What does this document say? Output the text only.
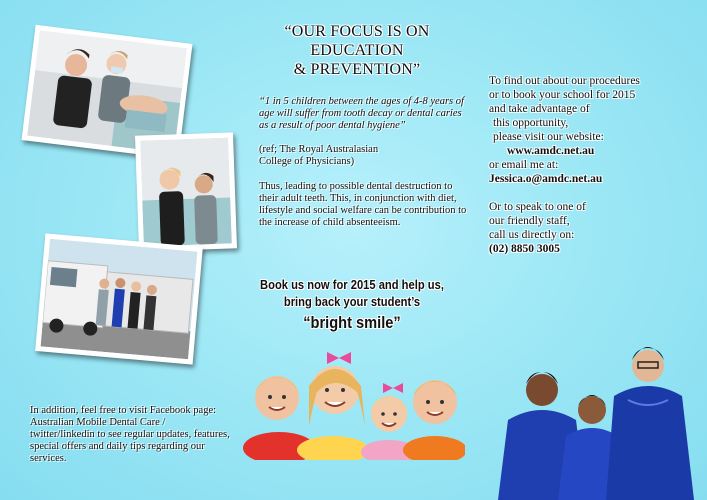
“OUR FOCUS IS ON
EDUCATION
& PREVENTION”
“1 in 5 children between the ages of 4-8 years of age will suffer from tooth decay or dental caries as a result of poor dental hygiene”
(ref; The Royal Australasian
College of Physicians)
Thus, leading to possible dental destruction to their adult teeth. This, in conjunction with diet, lifestyle and social welfare can be contribution to the increase of child absenteeism.
Book us now for 2015 and help us,
bring back your student’s
“bright smile”
To find out about our procedures
or to book your school for 2015
and take advantage of
this opportunity,
please visit our website:
www.amdc.net.au
or email me at:
Jessica.o@amdc.net.au
Or to speak to one of
our friendly staff,
call us directly on:
(02) 8850 3005
In addition, feel free to visit Facebook page: Australian Mobile Dental Care / twitter/linkedin to see regular updates, features, special offers and daily tips regarding our services.
